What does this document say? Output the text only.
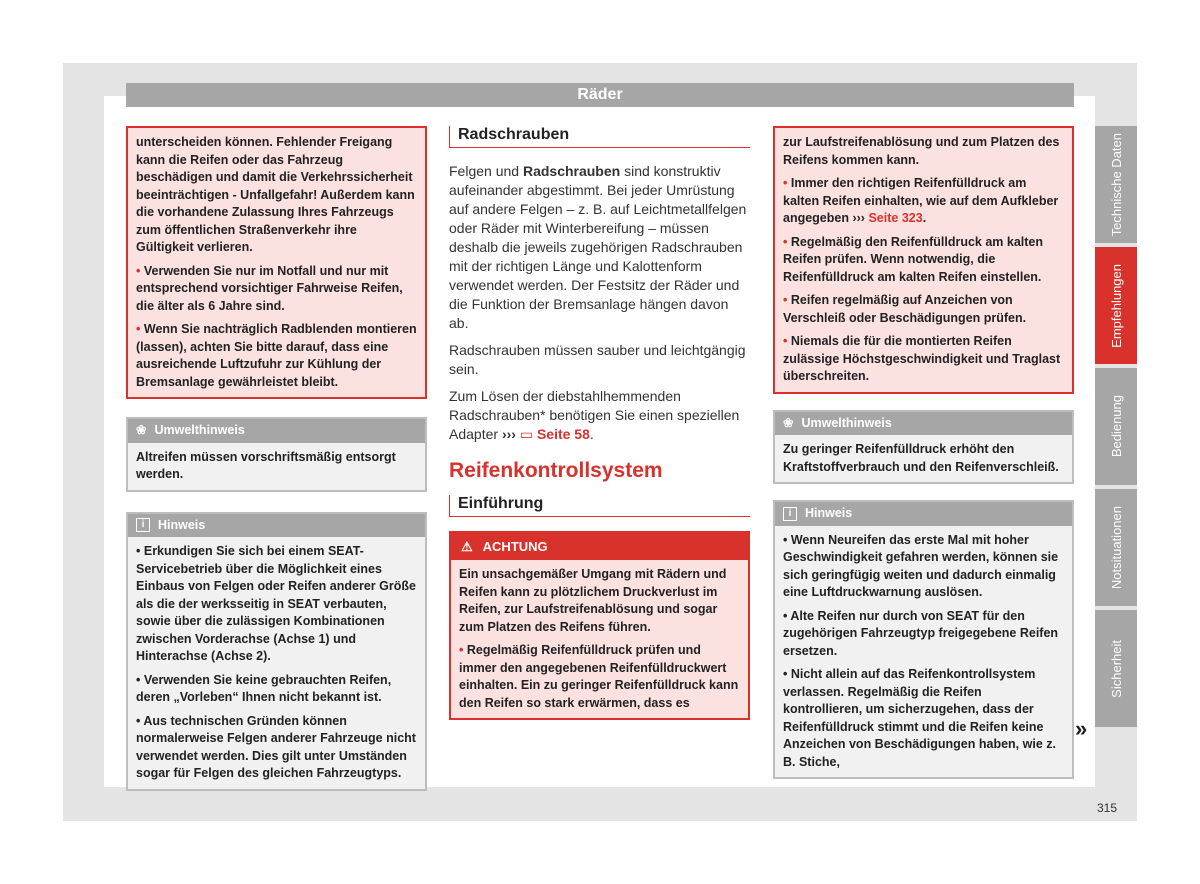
Räder

unterscheiden können. Fehlender Freigang kann die Reifen oder das Fahrzeug beschädigen und damit die Verkehrssicherheit beeinträchtigen - Unfallgefahr! Außerdem kann die vorhandene Zulassung Ihres Fahrzeugs zum öffentlichen Straßenverkehr ihre Gültigkeit verlieren.

• Verwenden Sie nur im Notfall und nur mit entsprechend vorsichtiger Fahrweise Reifen, die älter als 6 Jahre sind.

• Wenn Sie nachträglich Radblenden montieren (lassen), achten Sie bitte darauf, dass eine ausreichende Luftzufuhr zur Kühlung der Bremsanlage gewährleistet bleibt.

❀ Umwelthinweis

Altreifen müssen vorschriftsmäßig entsorgt werden.

i	Hinweis

• Erkundigen Sie sich bei einem SEAT-Servicebetrieb über die Möglichkeit eines Einbaus von Felgen oder Reifen anderer Größe als die der werksseitig in SEAT verbauten, sowie über die zulässigen Kombinationen zwischen Vorderachse (Achse 1) und Hinterachse (Achse 2).

• Verwenden Sie keine gebrauchten Reifen, deren „Vorleben“ Ihnen nicht bekannt ist.

• Aus technischen Gründen können normalerweise Felgen anderer Fahrzeuge nicht verwendet werden. Dies gilt unter Umständen sogar für Felgen des gleichen Fahrzeugtyps.

Radschrauben

Felgen und Radschrauben sind konstruktiv aufeinander abgestimmt. Bei jeder Umrüstung auf andere Felgen – z. B. auf Leichtmetallfelgen oder Räder mit Winterbereifung – müssen deshalb die jeweils zugehörigen Radschrauben mit der richtigen Länge und Kalottenform verwendet werden. Der Festsitz der Räder und die Funktion der Bremsanlage hängen davon ab.

Radschrauben müssen sauber und leichtgängig sein.

Zum Lösen der diebstahlhemmenden Radschrauben* benötigen Sie einen speziellen Adapter ››› ▭ Seite 58.

Reifenkontrollsystem
Einführung
⚠ ACHTUNG

Ein unsachgemäßer Umgang mit Rädern und Reifen kann zu plötzlichem Druckverlust im Reifen, zur Laufstreifenablösung und sogar zum Platzen des Reifens führen.

• Regelmäßig Reifenfülldruck prüfen und immer den angegebenen Reifenfülldruckwert einhalten. Ein zu geringer Reifenfülldruck kann den Reifen so stark erwärmen, dass es

zur Laufstreifenablösung und zum Platzen des Reifens kommen kann.

• Immer den richtigen Reifenfülldruck am kalten Reifen einhalten, wie auf dem Aufkleber angegeben ››› Seite 323.

• Regelmäßig den Reifenfülldruck am kalten Reifen prüfen. Wenn notwendig, die Reifenfülldruck am kalten Reifen einstellen.

• Reifen regelmäßig auf Anzeichen von Verschleiß oder Beschädigungen prüfen.

• Niemals die für die montierten Reifen zulässige Höchstgeschwindigkeit und Traglast überschreiten.

❀ Umwelthinweis

Zu geringer Reifenfülldruck erhöht den Kraftstoffverbrauch und den Reifenverschleiß.

i	Hinweis

• Wenn Neureifen das erste Mal mit hoher Geschwindigkeit gefahren werden, können sie sich geringfügig weiten und dadurch einmalig eine Luftdruckwarnung auslösen.

• Alte Reifen nur durch von SEAT für den zugehörigen Fahrzeugtyp freigegebene Reifen ersetzen.

• Nicht allein auf das Reifenkontrollsystem verlassen. Regelmäßig die Reifen kontrollieren, um sicherzugehen, dass der Reifenfülldruck stimmt und die Reifen keine Anzeichen von Beschädigungen haben, wie z. B. Stiche,

»
Technische Daten
Empfehlungen
Bedienung
Notsituationen
Sicherheit
315
